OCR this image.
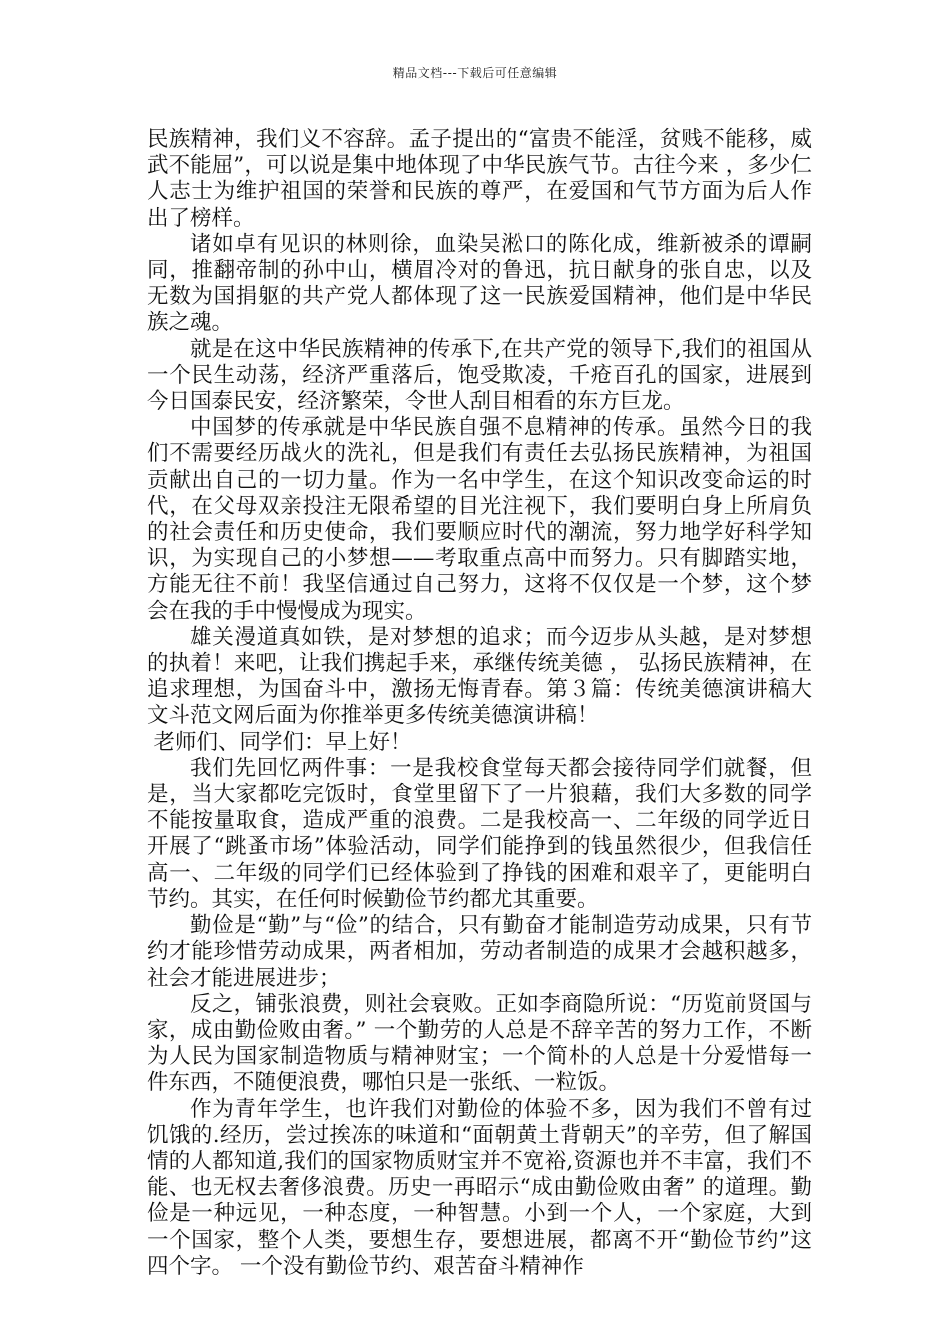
精品文档---下载后可任意编辑

民族精神，我们义不容辞。孟子提出的“富贵不能淫，贫贱不能移，威武不能屈”，可以说是集中地体现了中华民族气节。古往今来 ，多少仁人志士为维护祖国的荣誉和民族的尊严，在爱国和气节方面为后人作出了榜样。

诸如卓有见识的林则徐，血染吴淞口的陈化成，维新被杀的谭嗣同，推翻帝制的孙中山，横眉冷对的鲁迅，抗日献身的张自忠，以及无数为国捐躯的共产党人都体现了这一民族爱国精神，他们是中华民族之魂。

就是在这中华民族精神的传承下,在共产党的领导下,我们的祖国从一个民生动荡，经济严重落后，饱受欺凌，千疮百孔的国家，进展到今日国泰民安，经济繁荣，令世人刮目相看的东方巨龙。

中国梦的传承就是中华民族自强不息精神的传承。虽然今日的我们不需要经历战火的洗礼，但是我们有责任去弘扬民族精神，为祖国贡献出自己的一切力量。作为一名中学生，在这个知识改变命运的时代，在父母双亲投注无限希望的目光注视下，我们要明白身上所肩负的社会责任和历史使命，我们要顺应时代的潮流，努力地学好科学知识，为实现自己的小梦想——考取重点高中而努力。只有脚踏实地，方能无往不前！我坚信通过自己努力，这将不仅仅是一个梦，这个梦会在我的手中慢慢成为现实。

雄关漫道真如铁，是对梦想的追求；而今迈步从头越，是对梦想的执着！来吧，让我们携起手来，承继传统美德 ， 弘扬民族精神，在追求理想，为国奋斗中，激扬无悔青春。第３篇：传统美德演讲稿大文斗范文网后面为你推举更多传统美德演讲稿！

老师们、同学们：早上好！

我们先回忆两件事：一是我校食堂每天都会接待同学们就餐，但是，当大家都吃完饭时，食堂里留下了一片狼藉，我们大多数的同学不能按量取食，造成严重的浪费。二是我校高一、二年级的同学近日开展了“跳蚤市场”体验活动，同学们能挣到的钱虽然很少，但我信任高一、二年级的同学们已经体验到了挣钱的困难和艰辛了，更能明白节约。其实，在任何时候勤俭节约都尤其重要。

勤俭是“勤”与“俭”的结合，只有勤奋才能制造劳动成果，只有节约才能珍惜劳动成果，两者相加，劳动者制造的成果才会越积越多，社会才能进展进步；

反之，铺张浪费，则社会衰败。正如李商隐所说：“历览前贤国与家，成由勤俭败由奢。” 一个勤劳的人总是不辞辛苦的努力工作，不断为人民为国家制造物质与精神财宝；一个简朴的人总是十分爱惜每一件东西，不随便浪费，哪怕只是一张纸、一粒饭。

作为青年学生，也许我们对勤俭的体验不多，因为我们不曾有过饥饿的.经历，尝过挨冻的味道和“面朝黄土背朝天”的辛劳，但了解国情的人都知道,我们的国家物质财宝并不宽裕,资源也并不丰富，我们不能、也无权去奢侈浪费。历史一再昭示“成由勤俭败由奢” 的道理。勤俭是一种远见，一种态度，一种智慧。小到一个人，一个家庭，大到一个国家，整个人类，要想生存，要想进展，都离不开“勤俭节约”这四个字。 一个没有勤俭节约、艰苦奋斗精神作
